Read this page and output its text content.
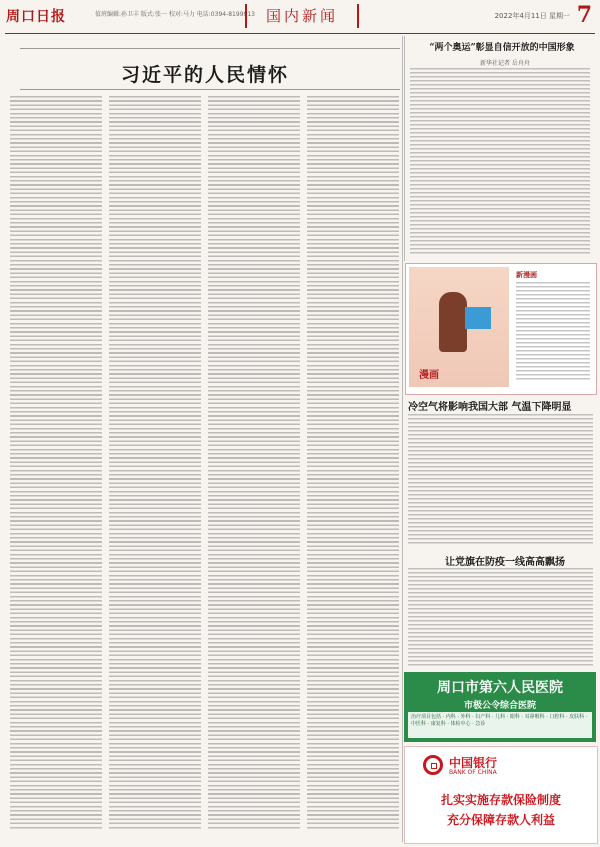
周口日报	值班编辑:孙卫丰 版式:张一 校对:马力 电话:0394-8199913 国内新闻	2022年4月11日 星期一 7
习近平的人民情怀
“两个奥运”彰显自信开放的中国形象
新华社记者 岳舟舟
漫画
新漫画
冷空气将影响我国大部 气温下降明显
让党旗在防疫一线高高飘扬
周口市第六人民医院
市极公令综合医院
治疗项目包括 · 内科 · 外科 · 妇产科 · 儿科 · 眼科 · 耳鼻喉科 · 口腔科 · 皮肤科 · 中医科 · 康复科 · 体检中心 · 急诊
中国银行
BANK OF CHINA
扎实实施存款保险制度
充分保障存款人利益
